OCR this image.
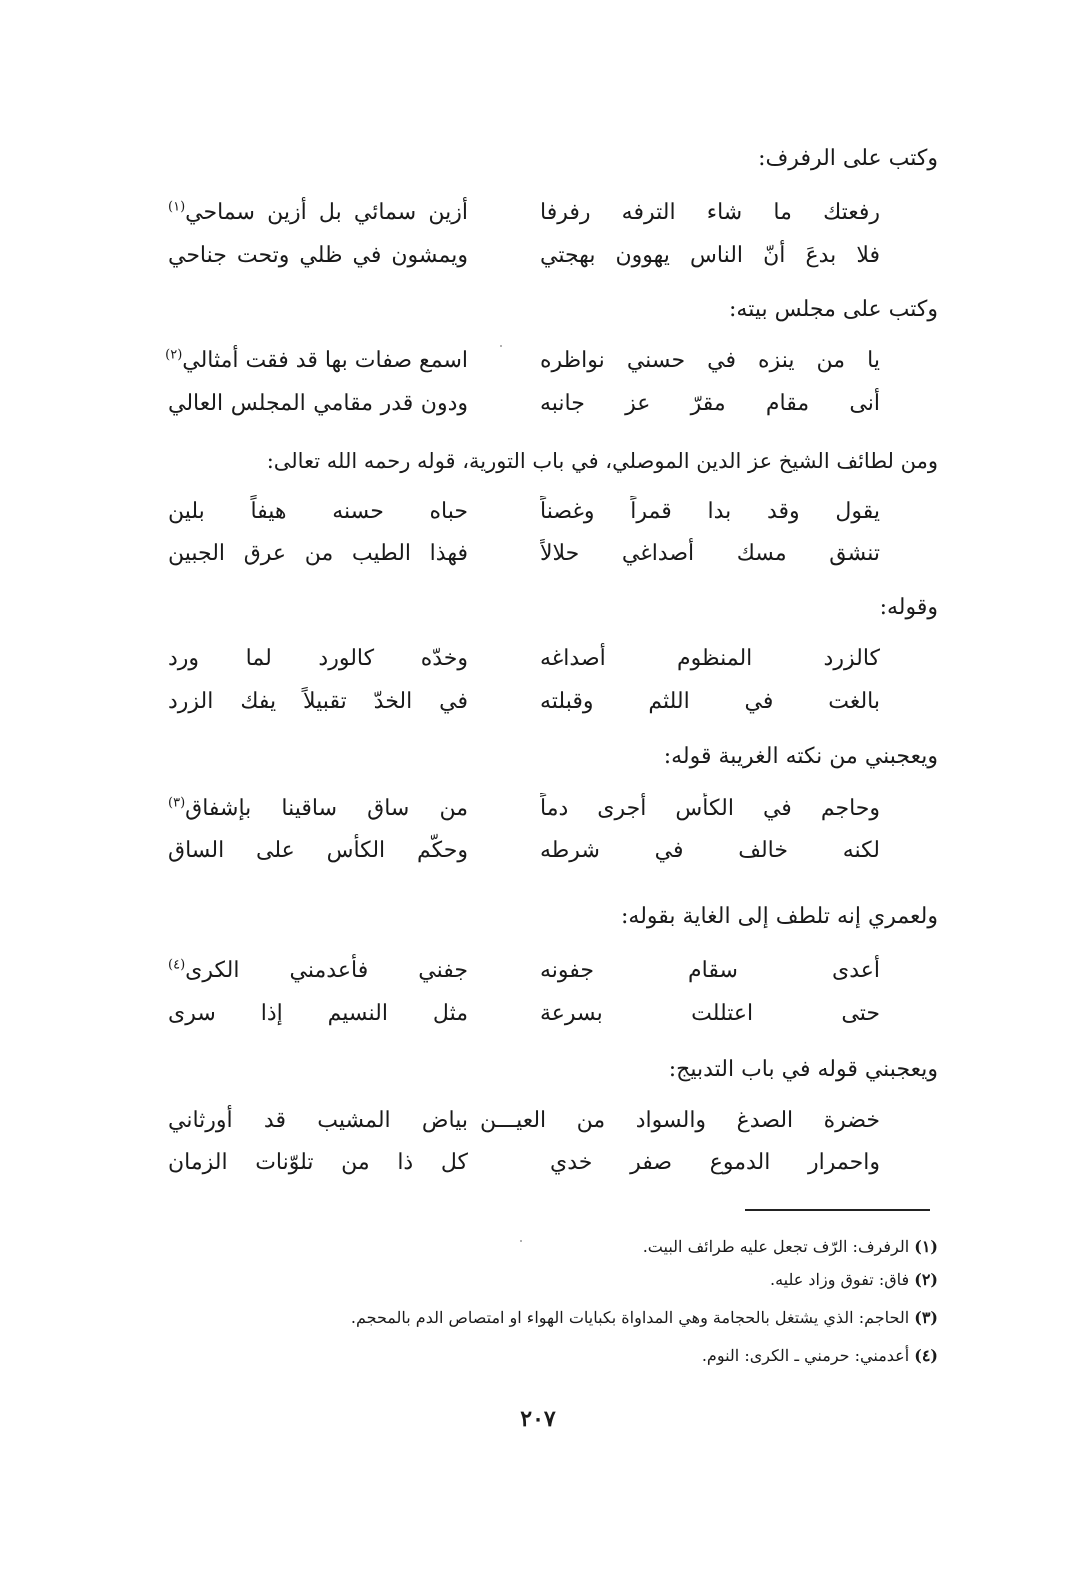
وكتب على الرفرف:
رفعتك ما شاء الترفه رفرفا
أزين سمائي بل أزين سماحي$^{(١)}$
فلا بدعَ أنّ الناس يهوون بهجتي
ويمشون في ظلي وتحت جناحي
وكتب على مجلس بيته:
يا من ينزه في حسني نواظره
اسمع صفات بها قد فقت أمثالي$^{(٢)}$
أنى مقام مقرّ عز جانبه
ودون قدر مقامي المجلس العالي
ومن لطائف الشيخ عز الدين الموصلي، في باب التورية، قوله رحمه الله تعالى:
يقول وقد بدا قمراً وغصناً
حباه حسنه هيفاً بلين
تنشق مسك أصداغي حلالاً
فهذا الطيب من عرق الجبين
وقوله:
كالزرد المنظوم أصداغه
وخدّه كالورد لما ورد
بالغت في اللثم وقبلته
في الخدّ تقبيلاً يفك الزرد
ويعجبني من نكته الغريبة قوله:
وحاجم في الكأس أجرى دماً
من ساق ساقينا بإشفاق$^{(٣)}$
لكنه خالف في شرطه
وحكّم الكأس على الساق
ولعمري إنه تلطف إلى الغاية بقوله:
أعدى سقام جفونه
جفني فأعدمني الكرى$^{(٤)}$
حتى اعتللت بسرعة
مثل النسيم إذا سرى
ويعجبني قوله في باب التدبيج:
خضرة الصدغ والسواد من العيـــن
بياض المشيب قد أورثاني
واحمرار الدموع صفر خدي
كل ذا من تلوّنات الزمان
(١) الرفرف: الرّف تجعل عليه طرائف البيت.
(٢) فاق: تفوق وزاد عليه.
(٣) الحاجم: الذي يشتغل بالحجامة وهي المداواة بكبايات الهواء او امتصاص الدم بالمحجم.
(٤) أعدمني: حرمني ـ الكرى: النوم.
٢٠٧
